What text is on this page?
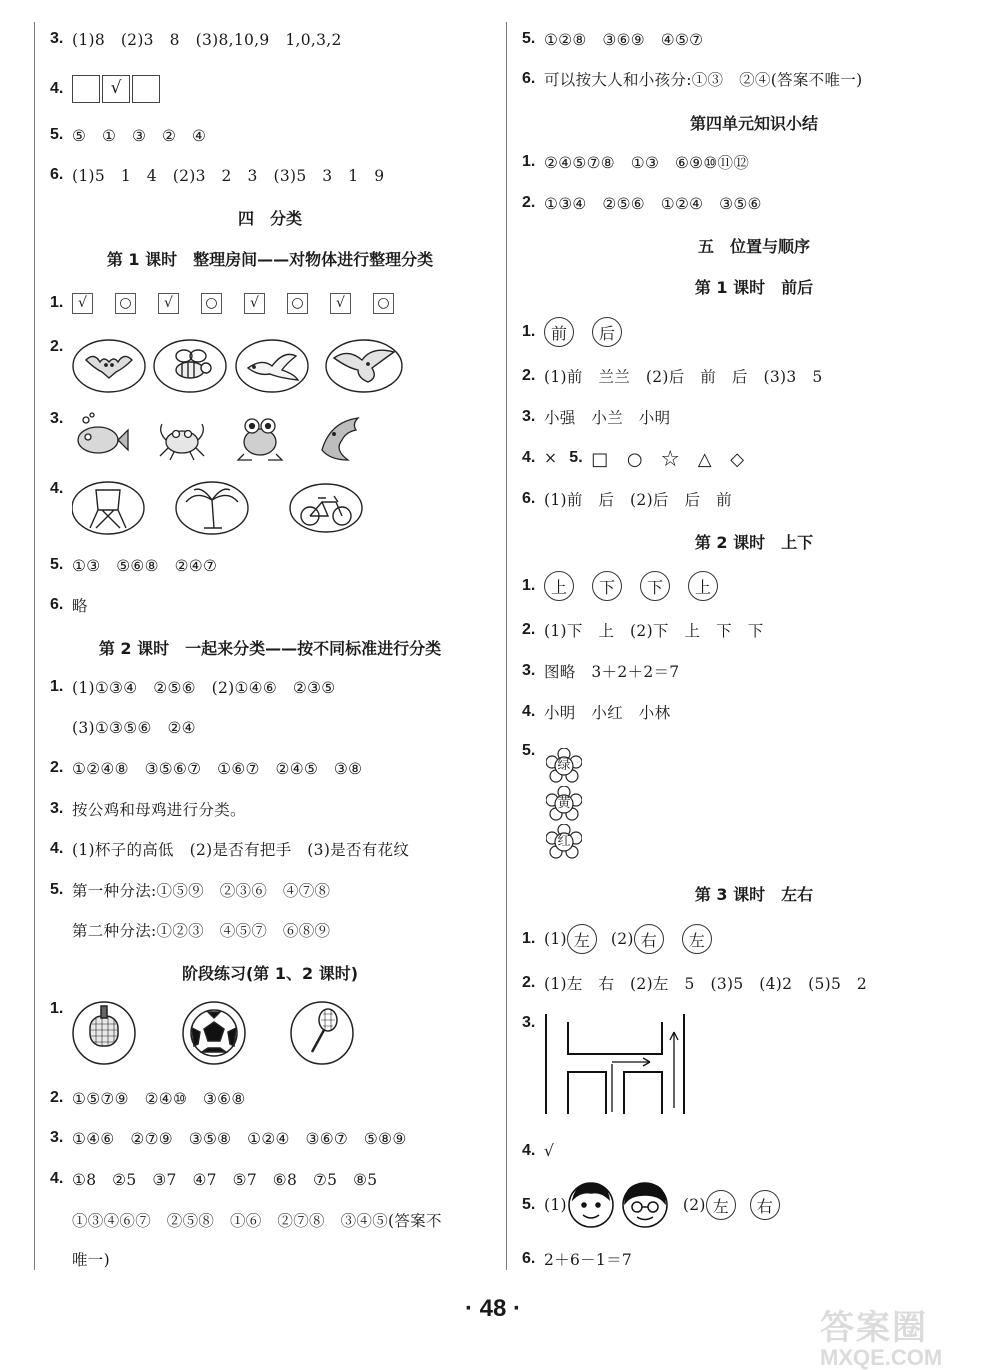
3. (1)8　(2)3　8　(3)8,10,9　1,0,3,2
4.	√
5. ⑤　①　③　②　④
6. (1)5　1　4　(2)3　2　3　(3)5　3　1　9
四　分类
第 1 课时　整理房间——对物体进行整理分类
1.	√	○	√	○	√	○	√	○
2.
3.
4.
5. ①③　⑤⑥⑧　②④⑦
6. 略
第 2 课时　一起来分类——按不同标准进行分类
1. (1)①③④　②⑤⑥　(2)①④⑥　②③⑤
(3)①③⑤⑥　②④
2. ①②④⑧　③⑤⑥⑦　①⑥⑦　②④⑤　③⑧
3. 按公鸡和母鸡进行分类。
4. (1)杯子的高低　(2)是否有把手　(3)是否有花纹
5. 第一种分法:①⑤⑨　②③⑥　④⑦⑧
第二种分法:①②③　④⑤⑦　⑥⑧⑨
阶段练习(第 1、2 课时)
1.
2. ①⑤⑦⑨　②④⑩　③⑥⑧
3. ①④⑥　②⑦⑨　③⑤⑧　①②④　③⑥⑦　⑤⑧⑨
4. ①8　②5　③7　④7　⑤7　⑥8　⑦5　⑧5
①③④⑥⑦　②⑤⑧　①⑥　②⑦⑧　③④⑤(答案不
唯一)
5. ①②⑧　③⑥⑨　④⑤⑦
6. 可以按大人和小孩分:①③　②④(答案不唯一)
第四单元知识小结
1. ②④⑤⑦⑧　①③　⑥⑨⑩⑪⑫
2. ①③④　②⑤⑥　①②④　③⑤⑥
五　位置与顺序
第 1 课时　前后
1. 前	后
2. (1)前　兰兰　(2)后　前　后　(3)3　5
3. 小强　小兰　小明
4. × 5. □　○　☆　△　◇
6. (1)前　后　(2)后　后　前
第 2 课时　上下
1. 上	下	下	上
2. (1)下　上　(2)下　上　下　下
3. 图略　3＋2＋2＝7
4. 小明　小红　小林
5.
绿
黄
红
第 3 课时　左右
1. (1) 左	(2) 右	左
2. (1)左　右　(2)左　5　(3)5　(4)2　(5)5　2
3.
4. √
5. (1)	(2) 左	右
6. 2＋6－1＝7
· 48 ·	答案圈
MXQE.COM
